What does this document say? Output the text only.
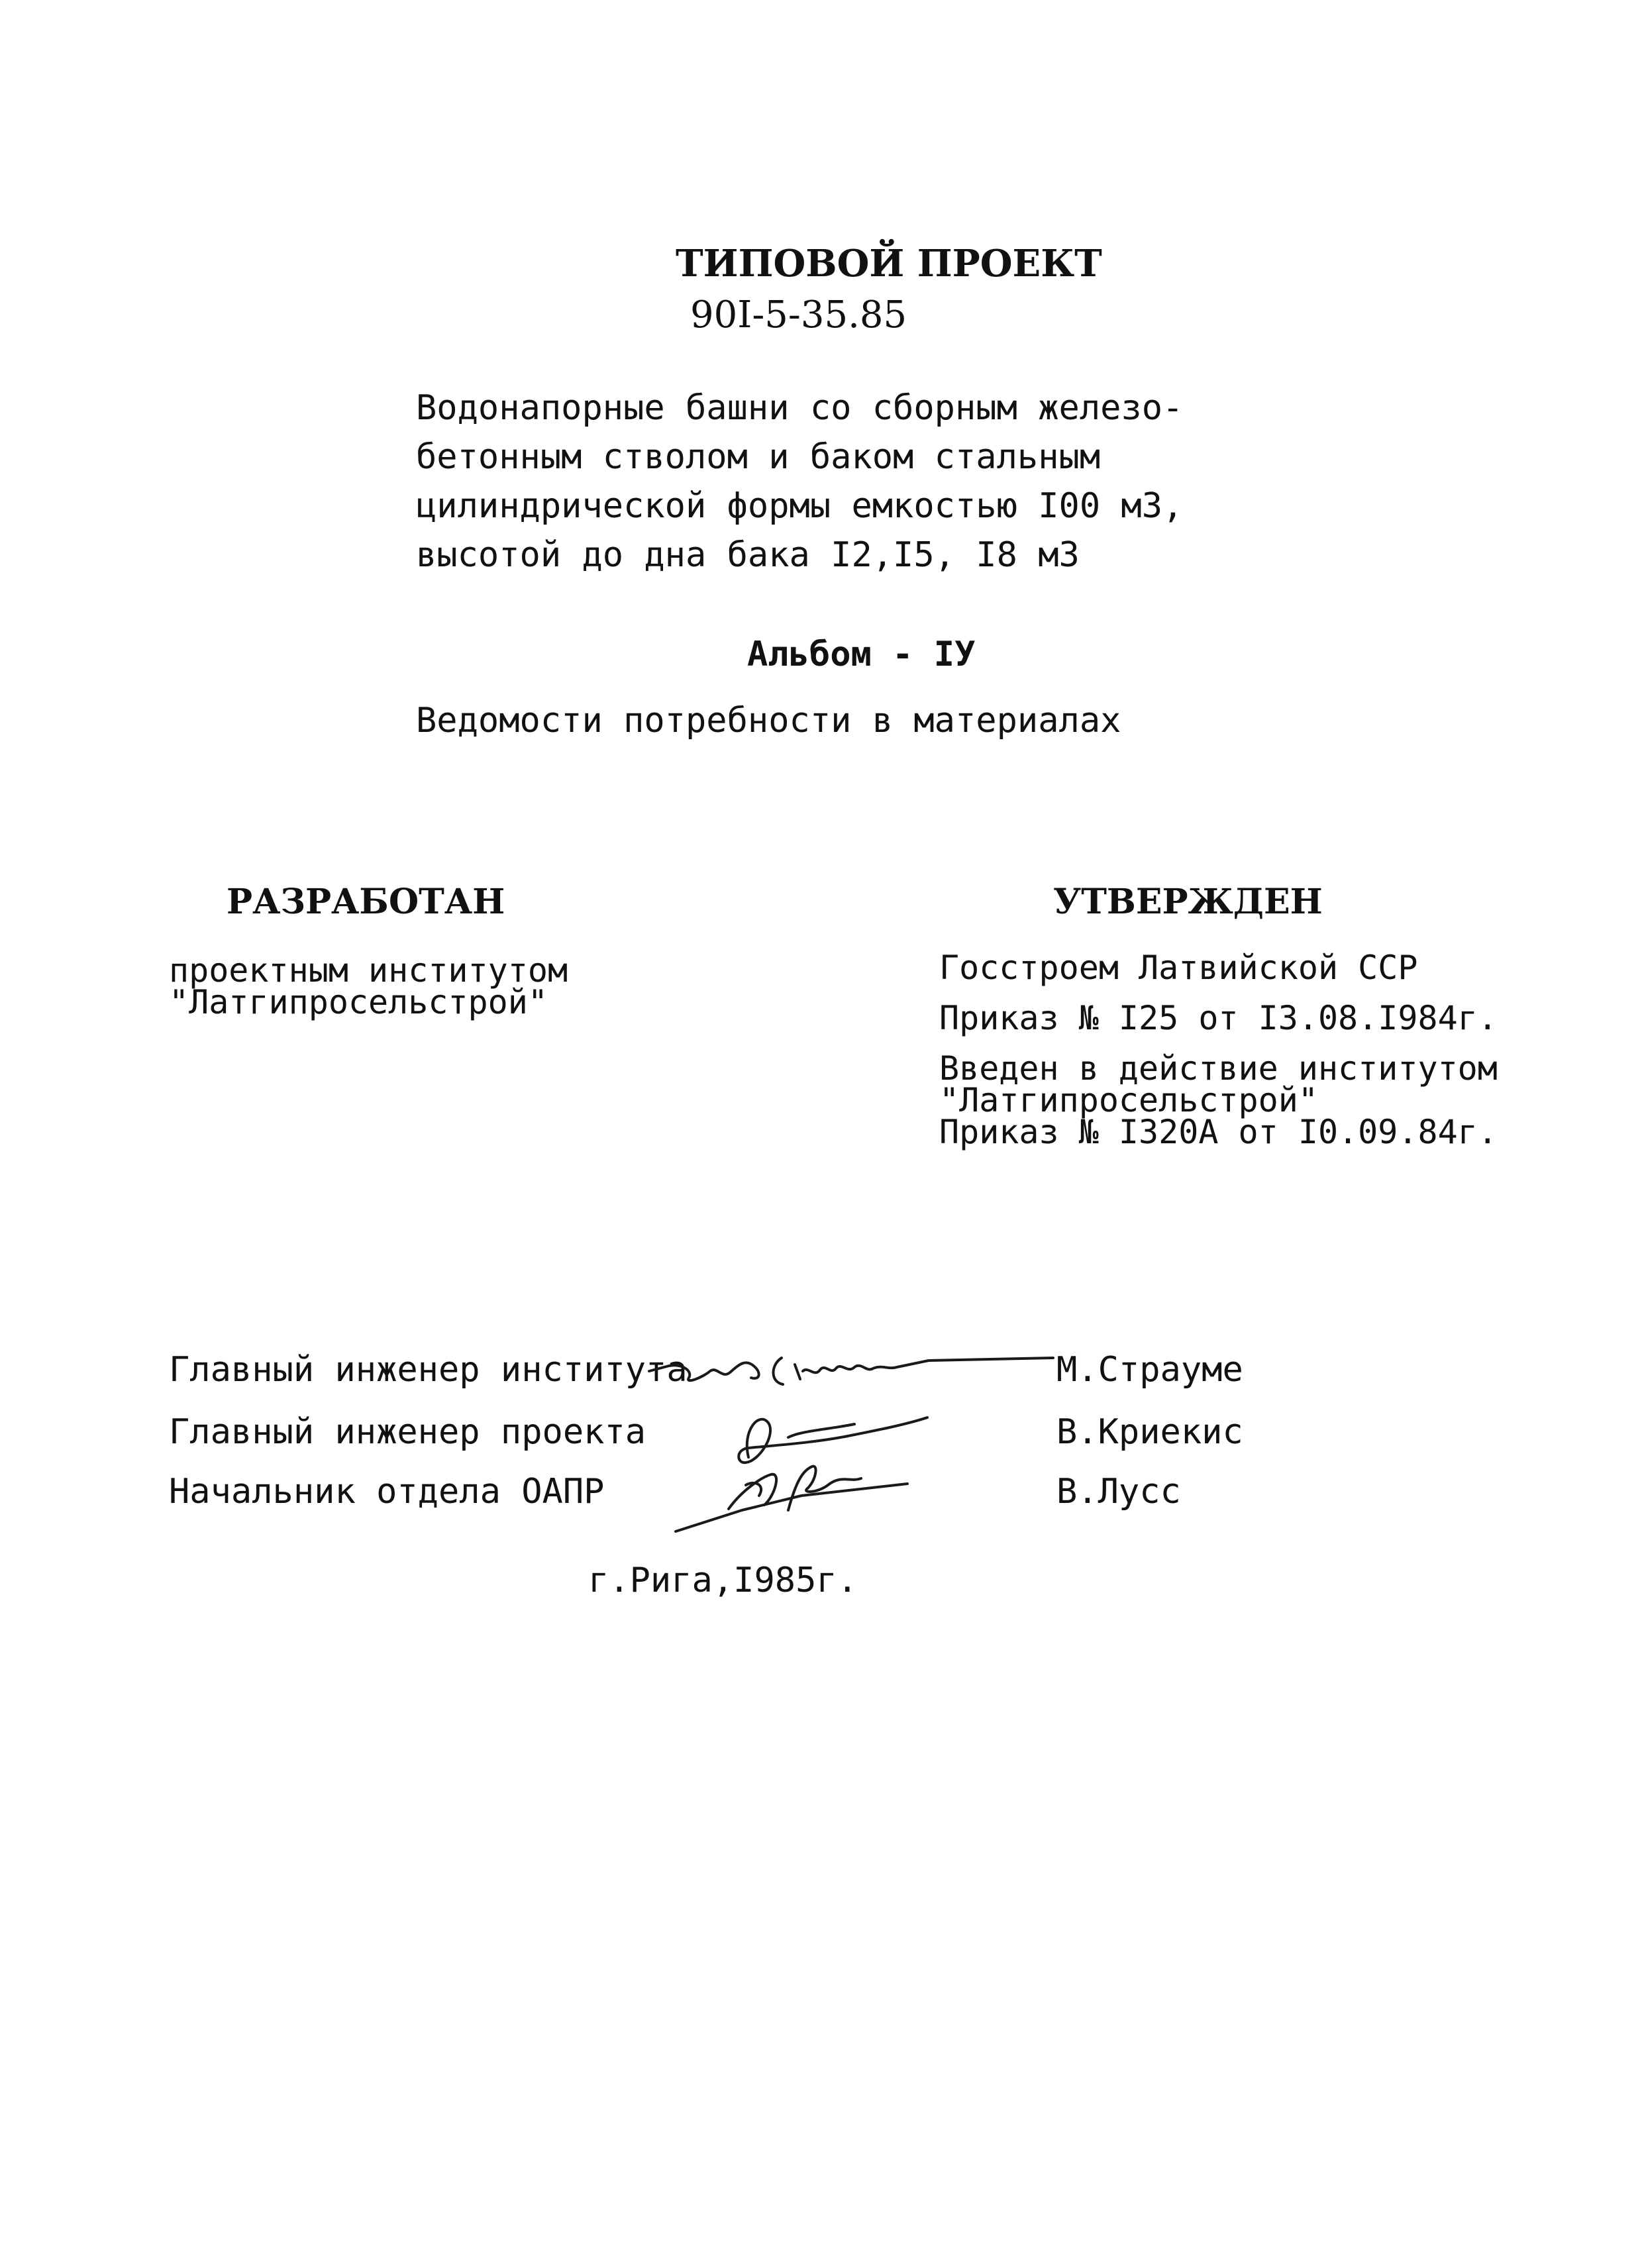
ТИПОВОЙ ПРОЕКТ
90I-5-35.85
Водонапорные башни со сборным железо-
бетонным стволом и баком стальным
цилиндрической формы емкостью I00 м3,
высотой до дна бака I2,I5, I8 м3
Альбом - IУ
Ведомости потребности в материалах
РАЗРАБОТАН
проектным институтом
"Латгипросельстрой"
УТВЕРЖДЕН
Госстроем Латвийской ССР
Приказ № I25 от I3.08.I984г.
Введен в действие институтом
"Латгипросельстрой"
Приказ № I320А от I0.09.84г.
Главный инженер института	М.Страуме
Главный инженер проекта	В.Криекис
Начальник отдела ОАПР	В.Лусс
г.Рига,I985г.
